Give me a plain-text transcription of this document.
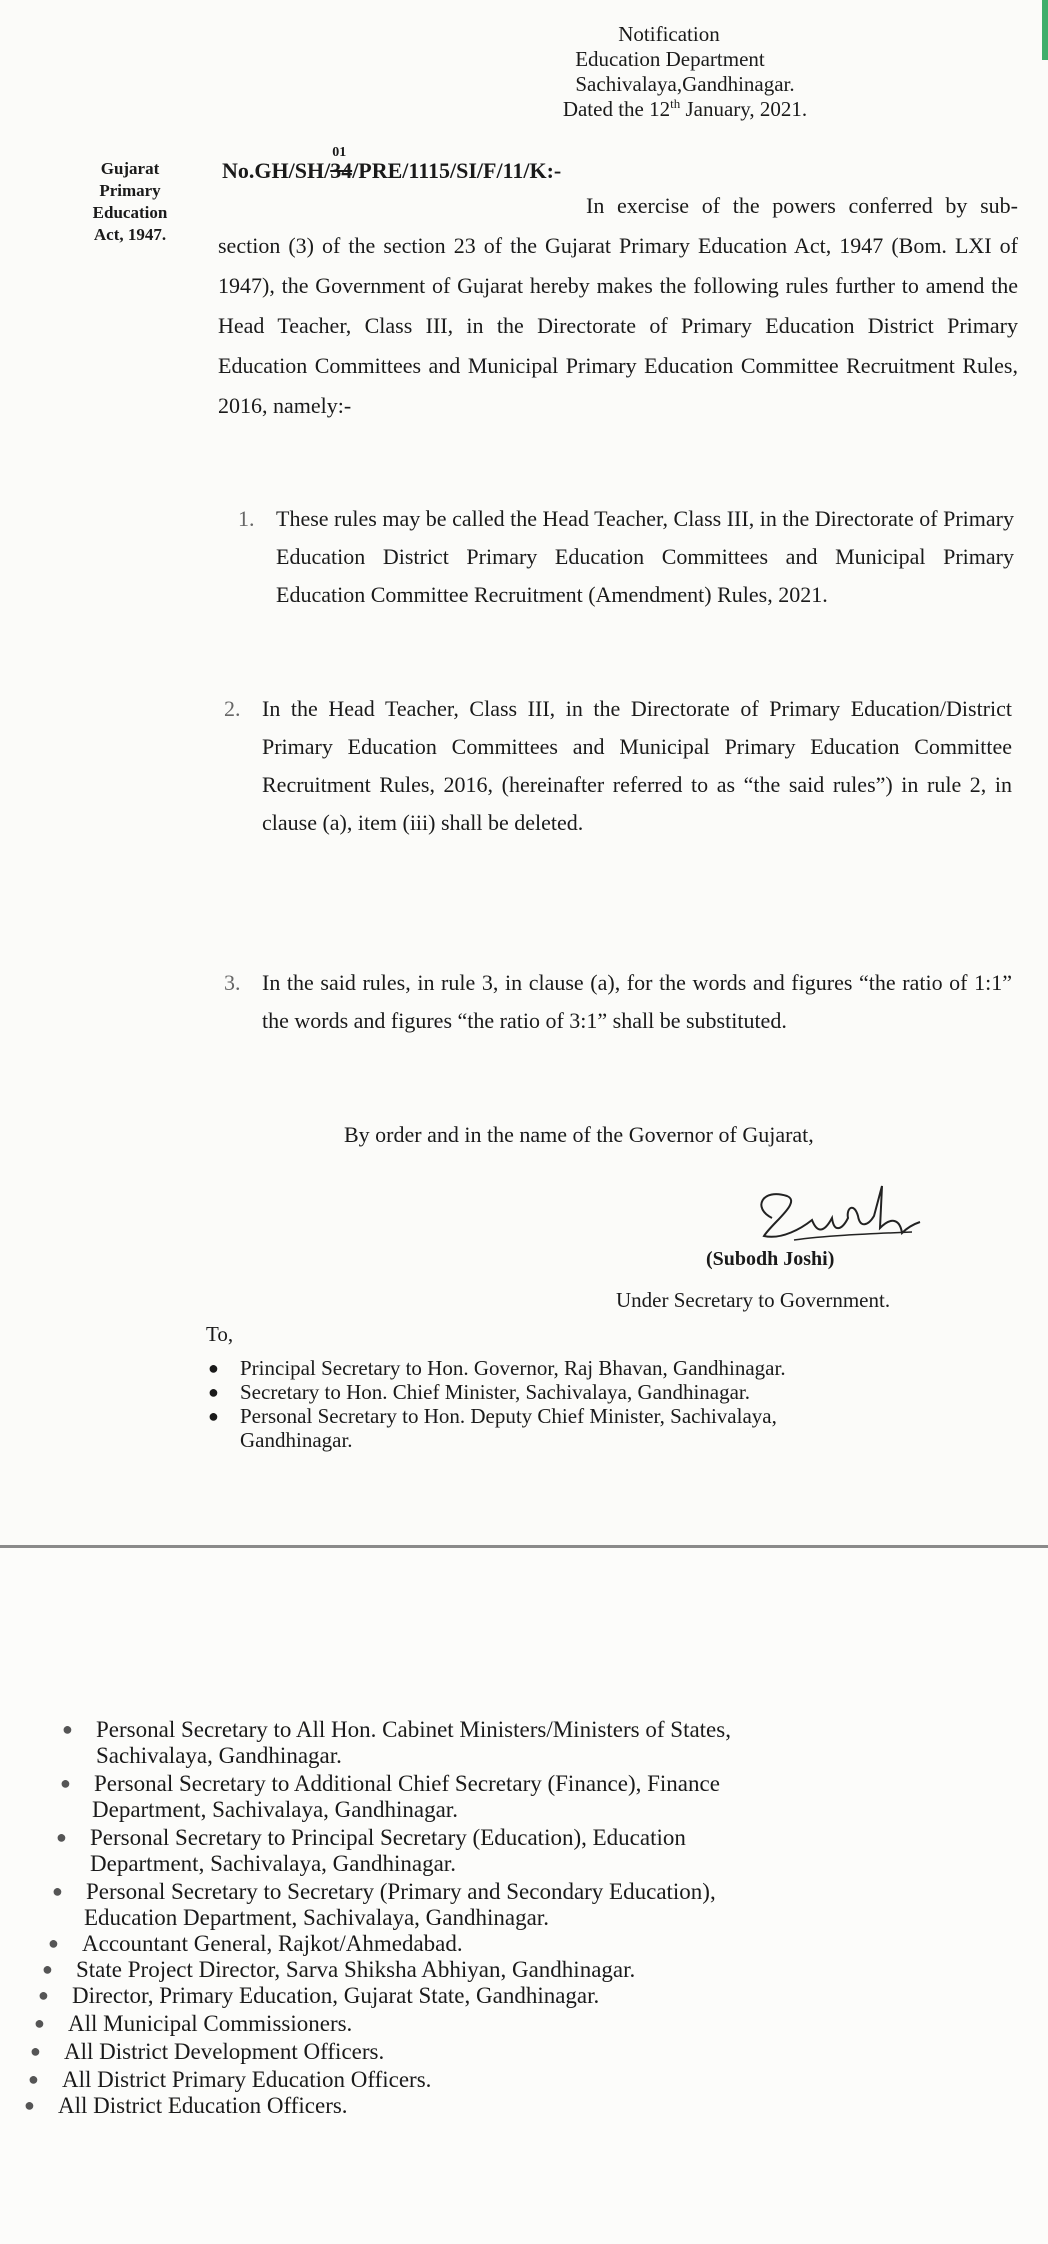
Notification
Education Department
Sachivalaya,Gandhinagar.
Dated the 12th January, 2021.
Gujarat
Primary
Education
Act, 1947.
No.GH/SH/34
01
/PRE/1115/SI/F/11/K:-
In exercise of the powers conferred by sub-section (3) of the section 23 of the Gujarat Primary Education Act, 1947 (Bom. LXI of 1947), the Government of Gujarat hereby makes the following rules further to amend the Head Teacher, Class III, in the Directorate of Primary Education District Primary Education Committees and Municipal Primary Education Committee Recruitment Rules, 2016, namely:-
1. These rules may be called the Head Teacher, Class III, in the Directorate of Primary Education District Primary Education Committees and Municipal Primary Education Committee Recruitment (Amendment) Rules, 2021.
2. In the Head Teacher, Class III, in the Directorate of Primary Education/District Primary Education Committees and Municipal Primary Education Committee Recruitment Rules, 2016, (hereinafter referred to as “the said rules”) in rule 2, in clause (a), item (iii) shall be deleted.
3. In the said rules, in rule 3, in clause (a), for the words and figures “the ratio of 1:1” the words and figures “the ratio of 3:1” shall be substituted.
By order and in the name of the Governor of Gujarat,
(Subodh Joshi)
Under Secretary to Government.
To,
● Principal Secretary to Hon. Governor, Raj Bhavan, Gandhinagar.
● Secretary to Hon. Chief Minister, Sachivalaya, Gandhinagar.
● Personal Secretary to Hon. Deputy Chief Minister, Sachivalaya,
Gandhinagar.
● Personal Secretary to All Hon. Cabinet Ministers/Ministers of States,
Sachivalaya, Gandhinagar.
● Personal Secretary to Additional Chief Secretary (Finance), Finance
Department, Sachivalaya, Gandhinagar.
● Personal Secretary to Principal Secretary (Education), Education
Department, Sachivalaya, Gandhinagar.
● Personal Secretary to Secretary (Primary and Secondary Education),
Education Department, Sachivalaya, Gandhinagar.
● Accountant General, Rajkot/Ahmedabad.
● State Project Director, Sarva Shiksha Abhiyan, Gandhinagar.
● Director, Primary Education, Gujarat State, Gandhinagar.
● All Municipal Commissioners.
● All District Development Officers.
● All District Primary Education Officers.
● All District Education Officers.
